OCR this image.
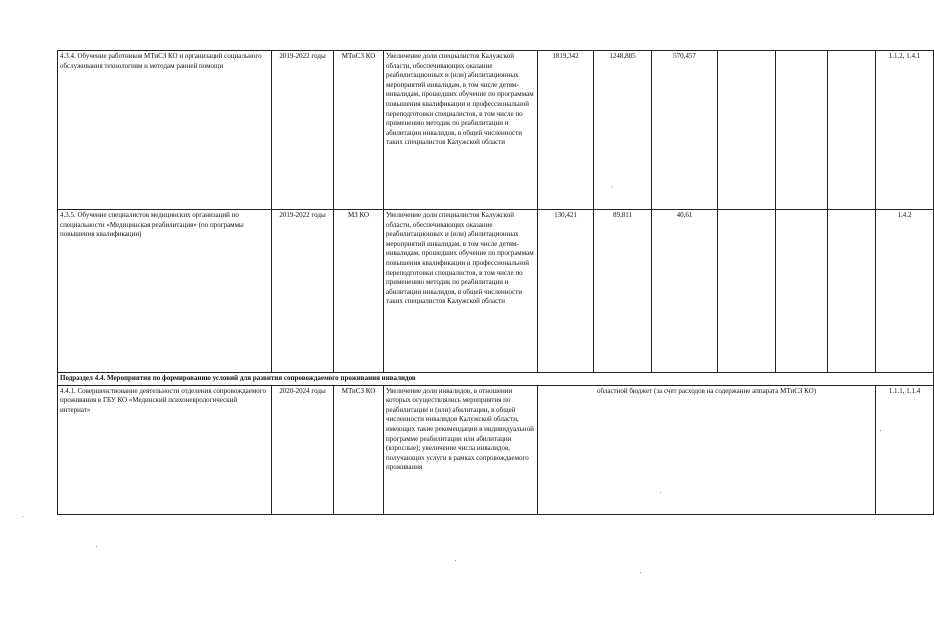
4.3.4. Обучение работников МТиСЗ КО и организаций социального обслуживания технологиям и методам ранней помощи	2019-2022 годы	МТиСЗ КО	Увеличение доли специалистов Калужской области, обеспечивающих оказание реабилитационных и (или) абилитационных мероприятий инвалидам, в том числе детям-инвалидам, прошедших обучение по программам повышения квалификации и профессиональной переподготовки специалистов, в том числе по применению методик по реабилитации и абилитации инвалидов, в общей численности таких специалистов Калужской области	1819,342	1248,885	570,457				1.1.2, 1.4.1
4.3.5. Обучение специалистов медицинских организаций по специальности «Медицинская реабилитация» (по программы повышения квалификации)	2019-2022 годы	МЗ КО	Увеличение доли специалистов Калужской области, обеспечивающих оказание реабилитационных и (или) абилитационных мероприятий инвалидам, в том числе детям-инвалидам, прошедших обучение по программам повышения квалификации и профессиональной переподготовки специалистов, в том числе по применению методик по реабилитации и абилитации инвалидов, в общей численности таких специалистов Калужской области	130,421	89,811	40,61				1.4.2
Подраздел 4.4. Мероприятия по формированию условий для развития сопровождаемого проживания инвалидов										
4.4.1. Совершенствование деятельности отделения сопровождаемого проживания в ГБУ КО «Мединский психоневрологический интернат»	2020-2024 годы	МТиСЗ КО	Увеличение доли инвалидов, в отношении которых осуществлялись мероприятия по реабилитации и (или) абилитации, в общей численности инвалидов Калужской области, имеющих такие рекомендации в индивидуальной программе реабилитации или абилитации (взрослые); увеличение числа инвалидов, получающих услуги в рамках сопровождаемого проживания	областной бюджет (за счет расходов на содержание аппарата МТиСЗ КО)						1.1.1, 1.1.4
